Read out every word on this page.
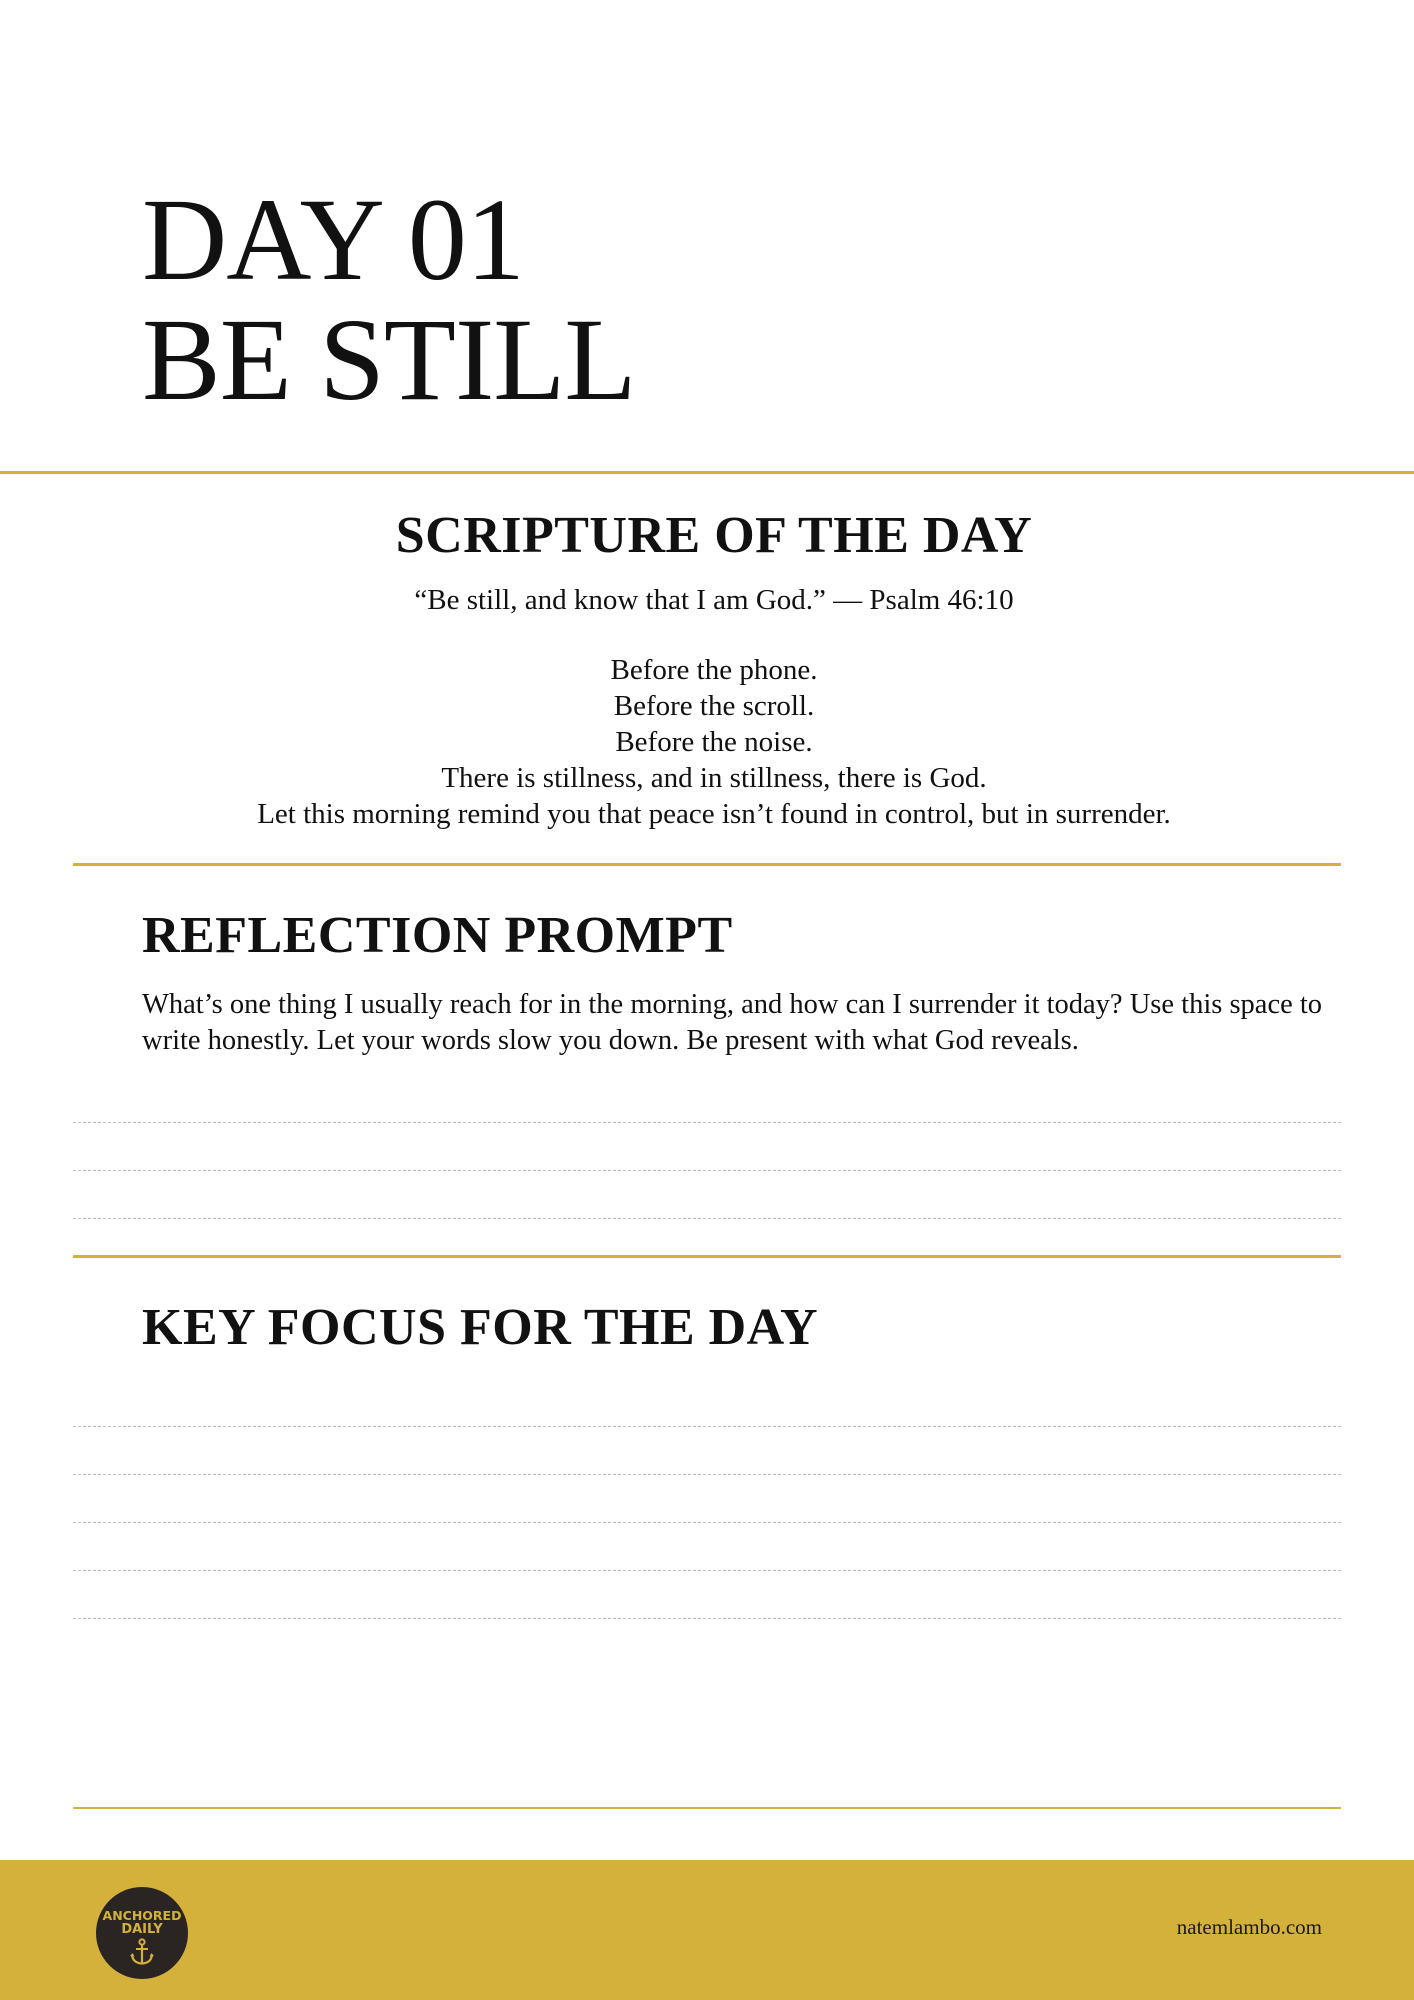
DAY 01
BE STILL
SCRIPTURE OF THE DAY
“Be still, and know that I am God.” — Psalm 46:10
Before the phone.
Before the scroll.
Before the noise.
There is stillness, and in stillness, there is God.
Let this morning remind you that peace isn’t found in control, but in surrender.
REFLECTION PROMPT
What’s one thing I usually reach for in the morning, and how can I surrender it today? Use this space to write honestly. Let your words slow you down. Be present with what God reveals.
KEY FOCUS FOR THE DAY
ANCHORED
DAILY	natemlambo.com
